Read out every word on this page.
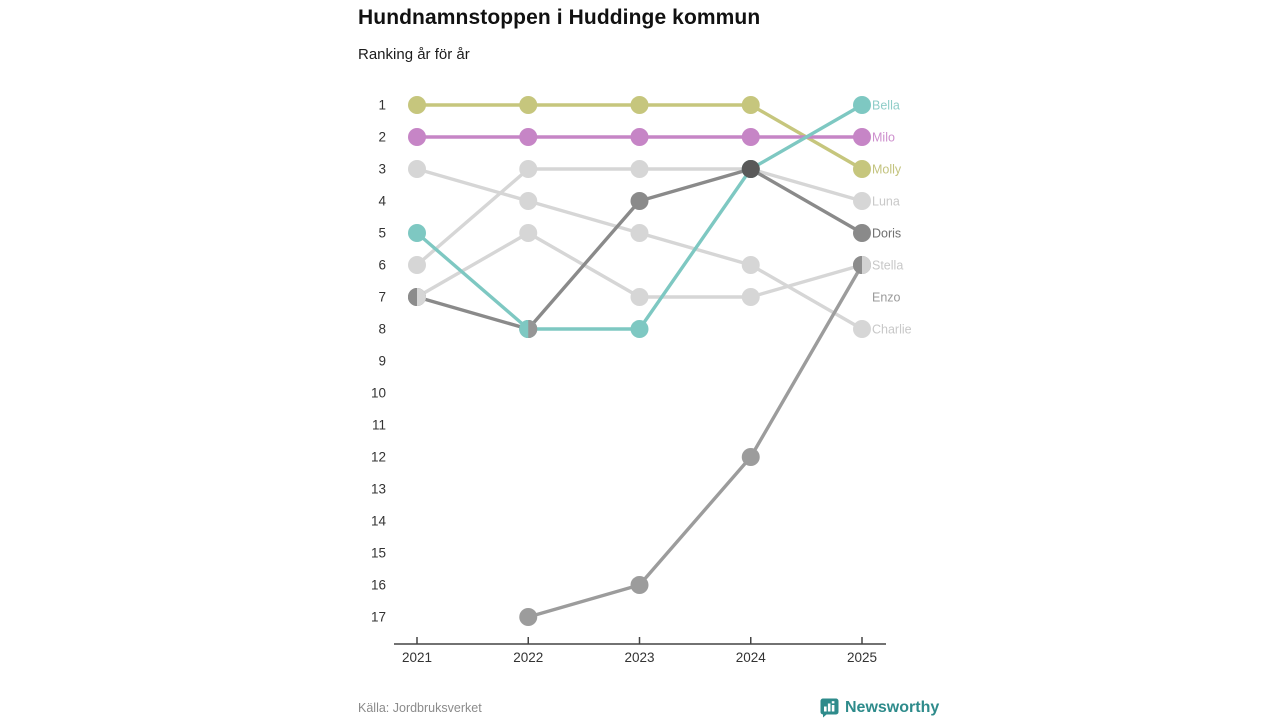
Hundnamnstoppen i Huddinge kommun
Ranking år för år
1
2
3
4
5
6
7
8
9
10
11
12
13
14
15
16
17
2021	2022	2023	2024	2025
Luna
Charlie
Stella
Enzo
Doris
Molly
Milo
Bella
Källa: Jordbruksverket	Newsworthy
